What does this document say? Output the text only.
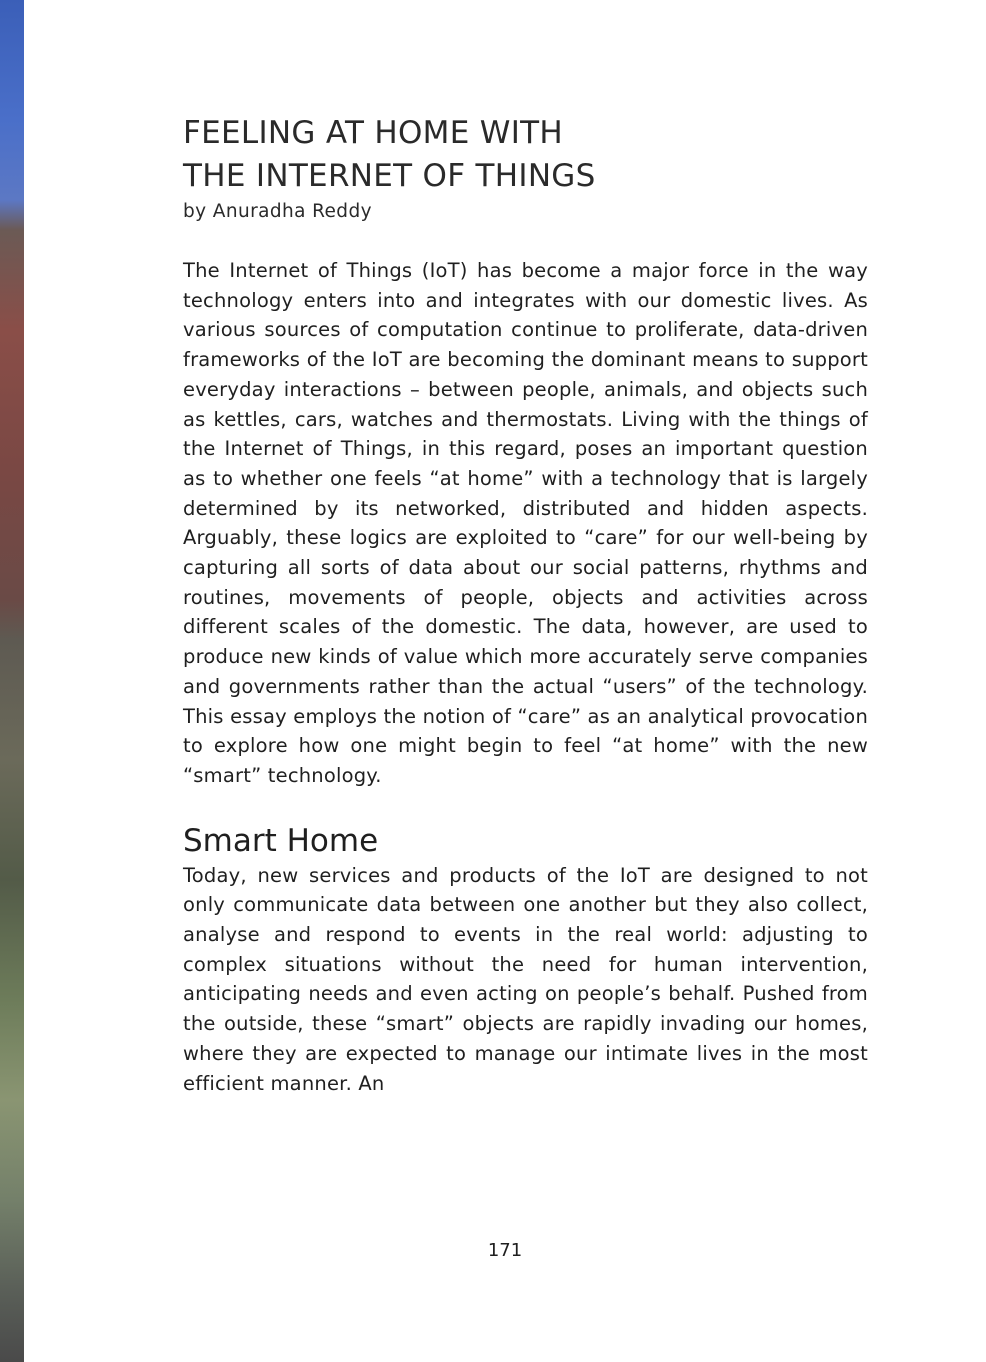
FEELING AT HOME WITH
THE INTERNET OF THINGS

by Anuradha Reddy

The Internet of Things (IoT) has become a major force in the way technology enters into and integrates with our domestic lives. As various sources of computation continue to proliferate, data-driven frameworks of the IoT are becoming the dominant means to support everyday interactions – between people, animals, and objects such as kettles, cars, watches and thermostats. Living with the things of the Internet of Things, in this regard, poses an important question as to whether one feels “at home” with a technology that is largely determined by its networked, distributed and hidden aspects. Arguably, these logics are exploited to “care” for our well-being by capturing all sorts of data about our social patterns, rhythms and routines, movements of people, objects and activities across different scales of the domestic. The data, however, are used to produce new kinds of value which more accurately serve companies and governments rather than the actual “users” of the technology. This essay employs the notion of “care” as an analytical provocation to explore how one might begin to feel “at home” with the new “smart” technology.

Smart Home

Today, new services and products of the IoT are designed to not only communicate data between one another but they also collect, analyse and respond to events in the real world: adjusting to complex situations without the need for human intervention, anticipating needs and even acting on people’s behalf. Pushed from the outside, these “smart” objects are rapidly invading our homes, where they are expected to manage our intimate lives in the most efficient manner. An

171
